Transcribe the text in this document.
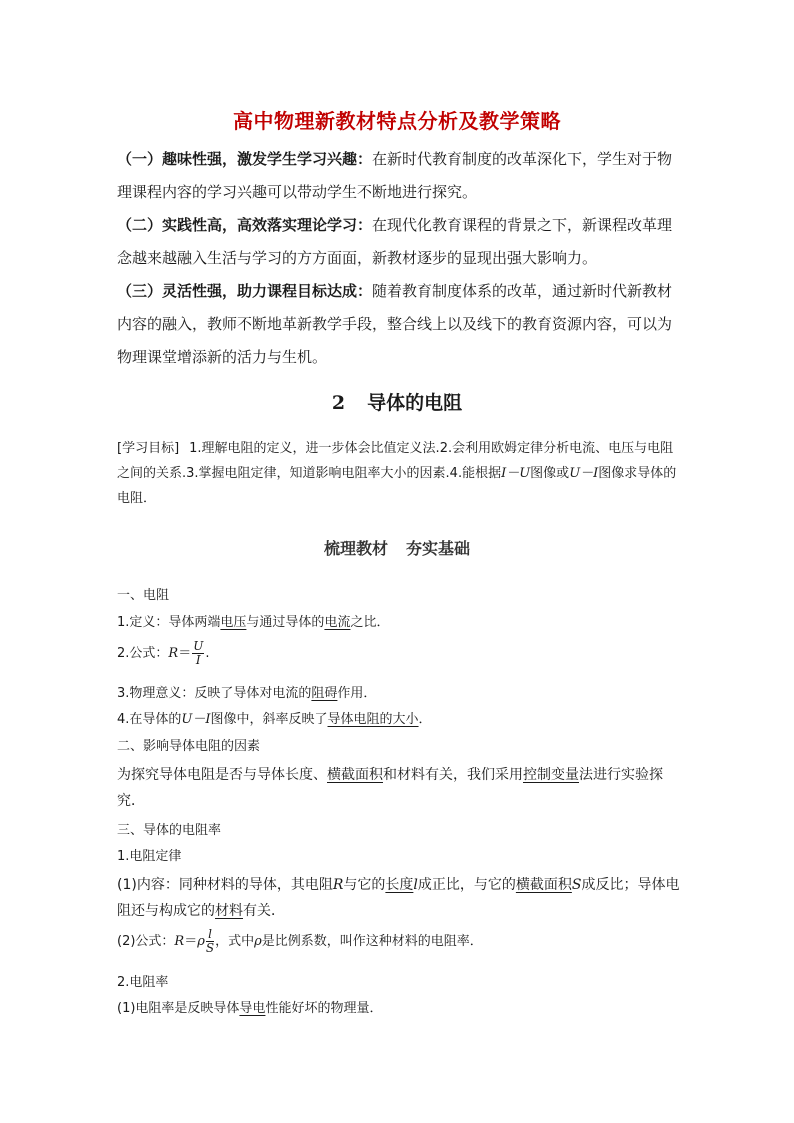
高中物理新教材特点分析及教学策略
（一）趣味性强，激发学生学习兴趣：在新时代教育制度的改革深化下，学生对于物理课程内容的学习兴趣可以带动学生不断地进行探究。
（二）实践性高，高效落实理论学习：在现代化教育课程的背景之下，新课程改革理念越来越融入生活与学习的方方面面，新教材逐步的显现出强大影响力。
（三）灵活性强，助力课程目标达成：随着教育制度体系的改革，通过新时代新教材内容的融入，教师不断地革新教学手段，整合线上以及线下的教育资源内容，可以为物理课堂增添新的活力与生机。
2 导体的电阻
[学习目标] 1.理解电阻的定义，进一步体会比值定义法.2.会利用欧姆定律分析电流、电压与电阻之间的关系.3.掌握电阻定律，知道影响电阻率大小的因素.4.能根据I－U图像或U－I图像求导体的电阻．
梳理教材 夯实基础
一、电阻
1.定义：导体两端电压与通过导体的电流之比．
2.公式：$R= \frac{U}{I}$ .
3.物理意义：反映了导体对电流的阻碍作用．
4.在导体的U－I图像中，斜率反映了导体电阻的大小．
二、影响导体电阻的因素
为探究导体电阻是否与导体长度、横截面积和材料有关，我们采用控制变量法进行实验探究．
三、导体的电阻率
1.电阻定律
(1)内容：同种材料的导体，其电阻R与它的长度l成正比，与它的横截面积S成反比；导体电阻还与构成它的材料有关．
(2)公式：$R=\rho \frac{l}{S}$ ，式中ρ是比例系数，叫作这种材料的电阻率．
2.电阻率
(1)电阻率是反映导体导电性能好坏的物理量．
